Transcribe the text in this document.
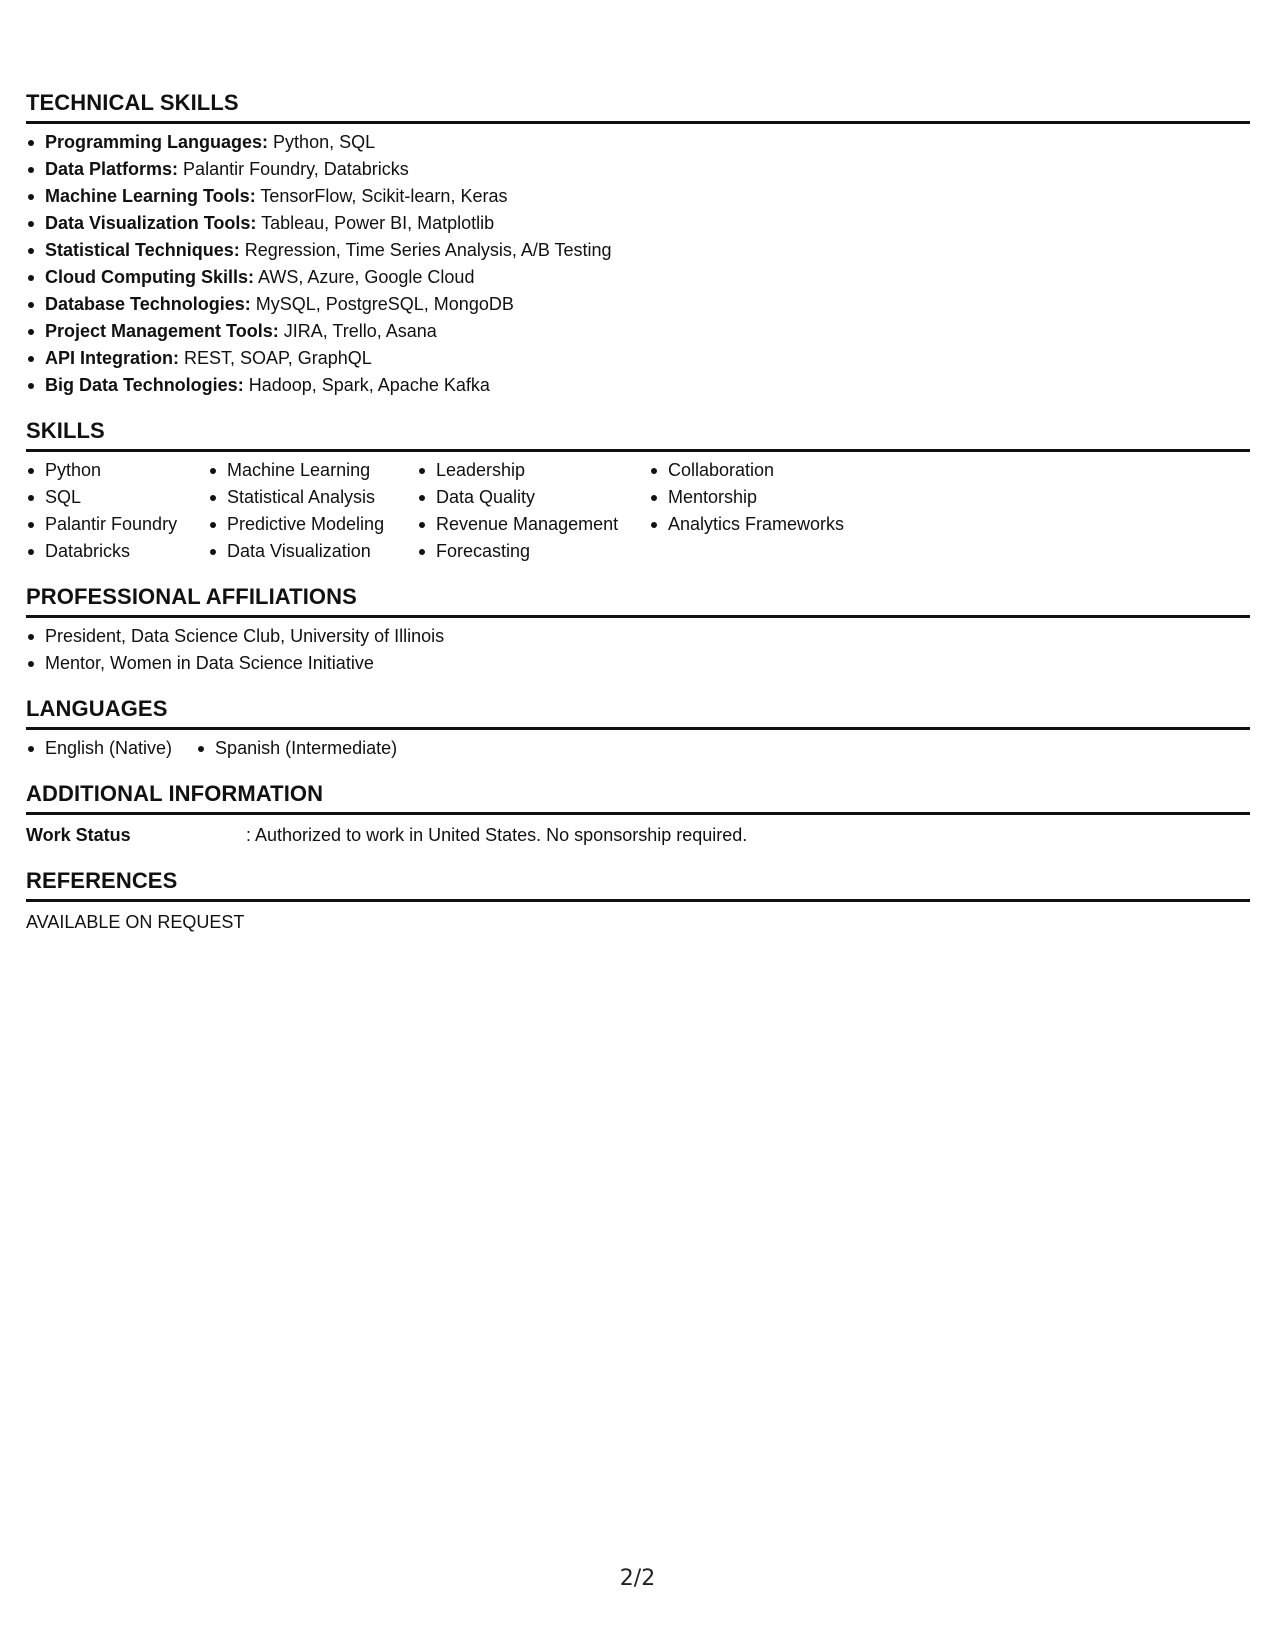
TECHNICAL SKILLS
Programming Languages: Python, SQL
Data Platforms: Palantir Foundry, Databricks
Machine Learning Tools: TensorFlow, Scikit-learn, Keras
Data Visualization Tools: Tableau, Power BI, Matplotlib
Statistical Techniques: Regression, Time Series Analysis, A/B Testing
Cloud Computing Skills: AWS, Azure, Google Cloud
Database Technologies: MySQL, PostgreSQL, MongoDB
Project Management Tools: JIRA, Trello, Asana
API Integration: REST, SOAP, GraphQL
Big Data Technologies: Hadoop, Spark, Apache Kafka
SKILLS
Python
SQL
Palantir Foundry
Databricks
Machine Learning
Statistical Analysis
Predictive Modeling
Data Visualization
Leadership
Data Quality
Revenue Management
Forecasting
Collaboration
Mentorship
Analytics Frameworks
PROFESSIONAL AFFILIATIONS
President, Data Science Club, University of Illinois
Mentor, Women in Data Science Initiative
LANGUAGES
English (Native)	Spanish (Intermediate)
ADDITIONAL INFORMATION
Work Status	: Authorized to work in United States. No sponsorship required.
REFERENCES
AVAILABLE ON REQUEST
2/2
